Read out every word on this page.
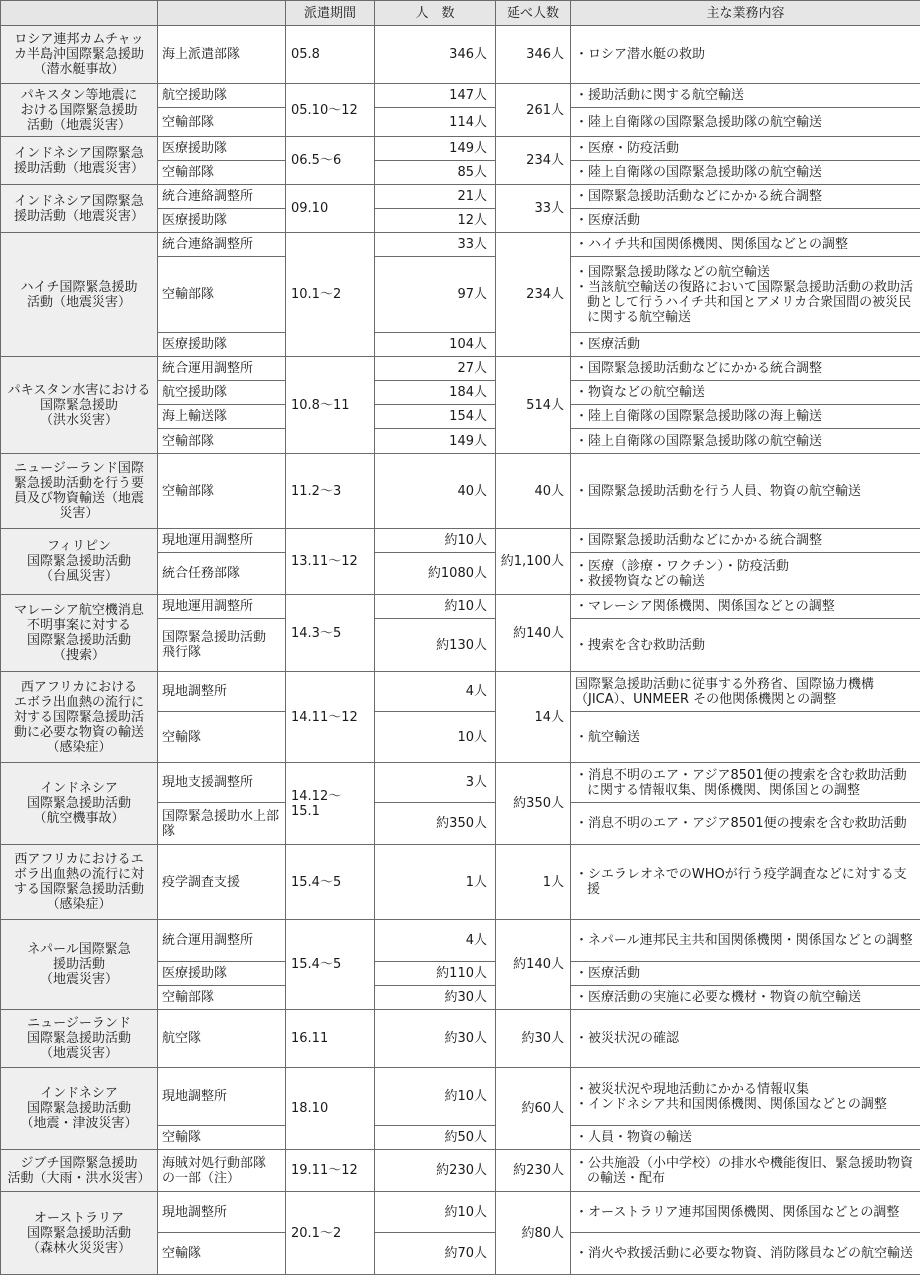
		派遣期間	人　数	延べ人数	主な業務内容

ロシア連邦カムチャッ
カ半島沖国際緊急援助
（潜水艇事故）	海上派遣部隊	05.8	346人	346人	・ロシア潜水艇の救助

パキスタン等地震に
おける国際緊急援助
活動（地震災害）	航空援助隊	05.10～12	147人	261人	・援助活動に関する航空輸送

	空輸部隊		114人		・陸上自衛隊の国際緊急援助隊の航空輸送

インドネシア国際緊急
援助活動（地震災害）	医療援助隊	06.5～6	149人	234人	・医療・防疫活動

	空輸部隊		85人		・陸上自衛隊の国際緊急援助隊の航空輸送

インドネシア国際緊急
援助活動（地震災害）	統合連絡調整所	09.10	21人	33人	・国際緊急援助活動などにかかる統合調整

	医療援助隊		12人		・医療活動

ハイチ国際緊急援助
活動（地震災害）	統合連絡調整所	10.1～2	33人	234人	・ハイチ共和国関係機関、関係国などとの調整

	空輸部隊		97人		・国際緊急援助隊などの航空輸送
・当該航空輸送の復路において国際緊急援助活動の救助活動として行うハイチ共和国とアメリカ合衆国間の被災民に関する航空輸送

	医療援助隊		104人		・医療活動

パキスタン水害における
国際緊急援助
（洪水災害）	統合運用調整所	10.8～11	27人	514人	・国際緊急援助活動などにかかる統合調整

	航空援助隊		184人		・物資などの航空輸送

	海上輸送隊		154人		・陸上自衛隊の国際緊急援助隊の海上輸送

	空輸部隊		149人		・陸上自衛隊の国際緊急援助隊の航空輸送

ニュージーランド国際
緊急援助活動を行う要
員及び物資輸送（地震
災害）	空輸部隊	11.2～3	40人	40人	・国際緊急援助活動を行う人員、物資の航空輸送

フィリピン
国際緊急援助活動
（台風災害）	現地運用調整所	13.11～12	約10人	約1,100人	・国際緊急援助活動などにかかる統合調整

	統合任務部隊		約1080人		・医療（診療・ワクチン）・防疫活動
・救援物資などの輸送

マレーシア航空機消息
不明事案に対する
国際緊急援助活動
（捜索）	現地運用調整所	14.3～5	約10人	約140人	・マレーシア関係機関、関係国などとの調整

	国際緊急援助活動
飛行隊		約130人		・捜索を含む救助活動

西アフリカにおける
エボラ出血熱の流行に
対する国際緊急援助活
動に必要な物資の輸送
（感染症）	現地調整所	14.11～12	4人	14人	国際緊急援助活動に従事する外務省、国際協力機構（JICA）、UNMEER その他関係機関との調整

	空輸隊		10人		・航空輸送

インドネシア
国際緊急援助活動
（航空機事故）	現地支援調整所	14.12～15.1	3人	約350人	・消息不明のエア・アジア8501便の捜索を含む救助活動に関する情報収集、関係機関、関係国との調整

	国際緊急援助水上部隊		約350人		・消息不明のエア・アジア8501便の捜索を含む救助活動

西アフリカにおけるエ
ボラ出血熱の流行に対
する国際緊急援助活動
（感染症）	疫学調査支援	15.4～5	1人	1人	・シエラレオネでのWHOが行う疫学調査などに対する支援

ネパール国際緊急
援助活動
（地震災害）	統合運用調整所	15.4～5	4人	約140人	・ネパール連邦民主共和国関係機関・関係国などとの調整

	医療援助隊		約110人		・医療活動

	空輸部隊		約30人		・医療活動の実施に必要な機材・物資の航空輸送

ニュージーランド
国際緊急援助活動
（地震災害）	航空隊	16.11	約30人	約30人	・被災状況の確認

インドネシア
国際緊急援助活動
（地震・津波災害）	現地調整所	18.10	約10人	約60人	・被災状況や現地活動にかかる情報収集
・インドネシア共和国関係機関、関係国などとの調整

	空輸隊		約50人		・人員・物資の輸送

ジブチ国際緊急援助
活動（大雨・洪水災害）	海賊対処行動部隊
の一部（注）	19.11～12	約230人	約230人	・公共施設（小中学校）の排水や機能復旧、緊急援助物資の輸送・配布

オーストラリア
国際緊急援助活動
（森林火災災害）	現地調整所	20.1～2	約10人	約80人	・オーストラリア連邦国関係機関、関係国などとの調整

	空輸隊		約70人		・消火や救援活動に必要な物資、消防隊員などの航空輸送
